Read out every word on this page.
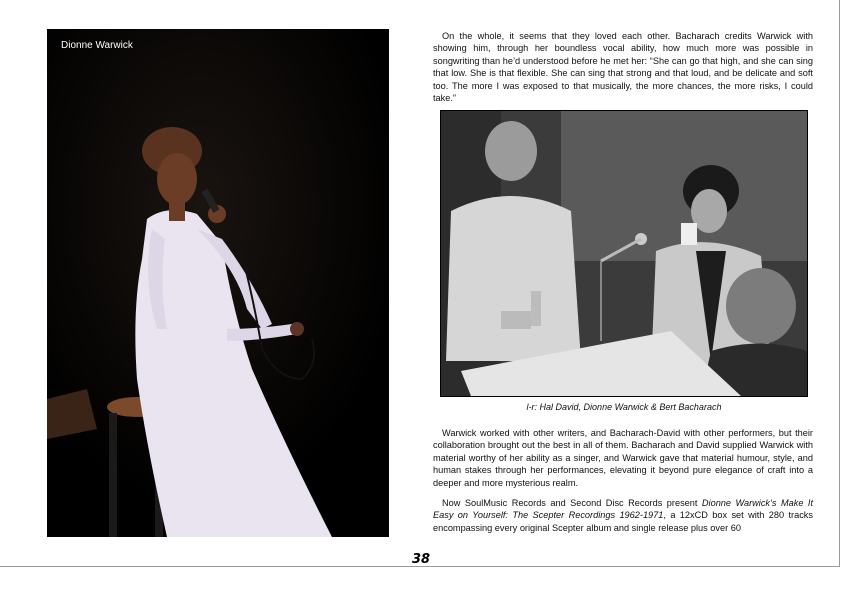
Dionne Warwick

On the whole, it seems that they loved each other. Bacharach credits Warwick with showing him, through her boundless vocal ability, how much more was possible in songwriting than he’d understood before he met her: “She can go that high, and she can sing that low. She is that flexible. She can sing that strong and that loud, and be delicate and soft too. The more I was exposed to that musically, the more chances, the more risks, I could take.”

l-r: Hal David, Dionne Warwick & Bert Bacharach

Warwick worked with other writers, and Bacharach-David with other performers, but their collaboration brought out the best in all of them. Bacharach and David supplied Warwick with material worthy of her ability as a singer, and Warwick gave that material humour, style, and human stakes through her performances, elevating it beyond pure elegance of craft into a deeper and more mysterious realm.

Now SoulMusic Records and Second Disc Records present Dionne Warwick’s Make It Easy on Yourself: The Scepter Recordings 1962-1971, a 12xCD box set with 280 tracks encompassing every original Scepter album and single release plus over 60

38
